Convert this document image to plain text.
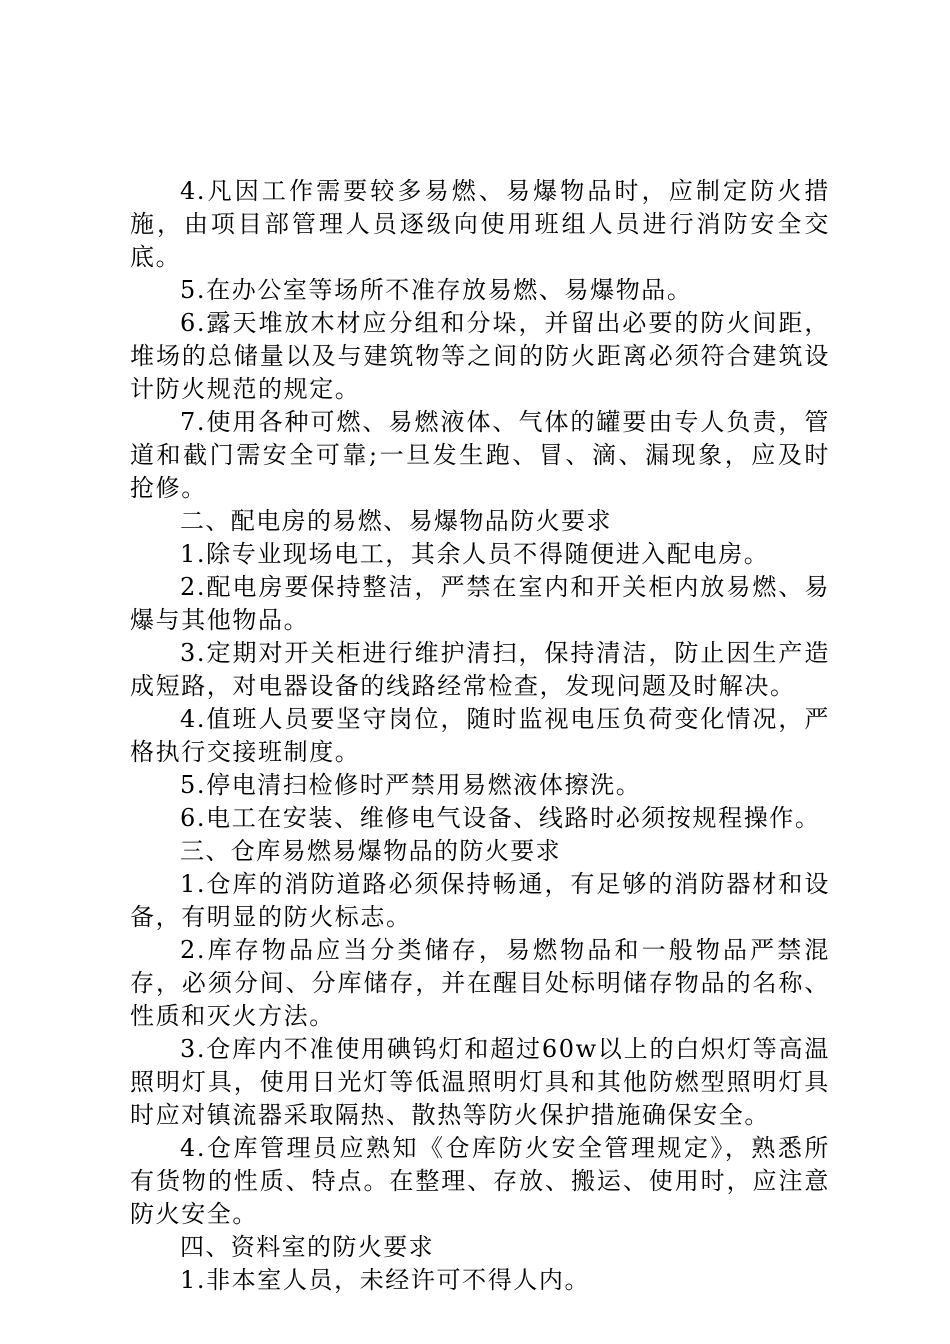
4.凡因工作需要较多易燃、易爆物品时，应制定防火措施，由项目部管理人员逐级向使用班组人员进行消防安全交底。

5.在办公室等场所不准存放易燃、易爆物品。

6.露天堆放木材应分组和分垛，并留出必要的防火间距，堆场的总储量以及与建筑物等之间的防火距离必须符合建筑设计防火规范的规定。

7.使用各种可燃、易燃液体、气体的罐要由专人负责，管道和截门需安全可靠;一旦发生跑、冒、滴、漏现象，应及时抢修。

二、配电房的易燃、易爆物品防火要求

1.除专业现场电工，其余人员不得随便进入配电房。

2.配电房要保持整洁，严禁在室内和开关柜内放易燃、易爆与其他物品。

3.定期对开关柜进行维护清扫，保持清洁，防止因生产造成短路，对电器设备的线路经常检查，发现问题及时解决。

4.值班人员要坚守岗位，随时监视电压负荷变化情况，严格执行交接班制度。

5.停电清扫检修时严禁用易燃液体擦洗。

6.电工在安装、维修电气设备、线路时必须按规程操作。

三、仓库易燃易爆物品的防火要求

1.仓库的消防道路必须保持畅通，有足够的消防器材和设备，有明显的防火标志。

2.库存物品应当分类储存，易燃物品和一般物品严禁混存，必须分间、分库储存，并在醒目处标明储存物品的名称、性质和灭火方法。

3.仓库内不准使用碘钨灯和超过60w以上的白炽灯等高温照明灯具，使用日光灯等低温照明灯具和其他防燃型照明灯具时应对镇流器采取隔热、散热等防火保护措施确保安全。

4.仓库管理员应熟知《仓库防火安全管理规定》，熟悉所有货物的性质、特点。在整理、存放、搬运、使用时，应注意防火安全。

四、资料室的防火要求

1.非本室人员，未经许可不得人内。
